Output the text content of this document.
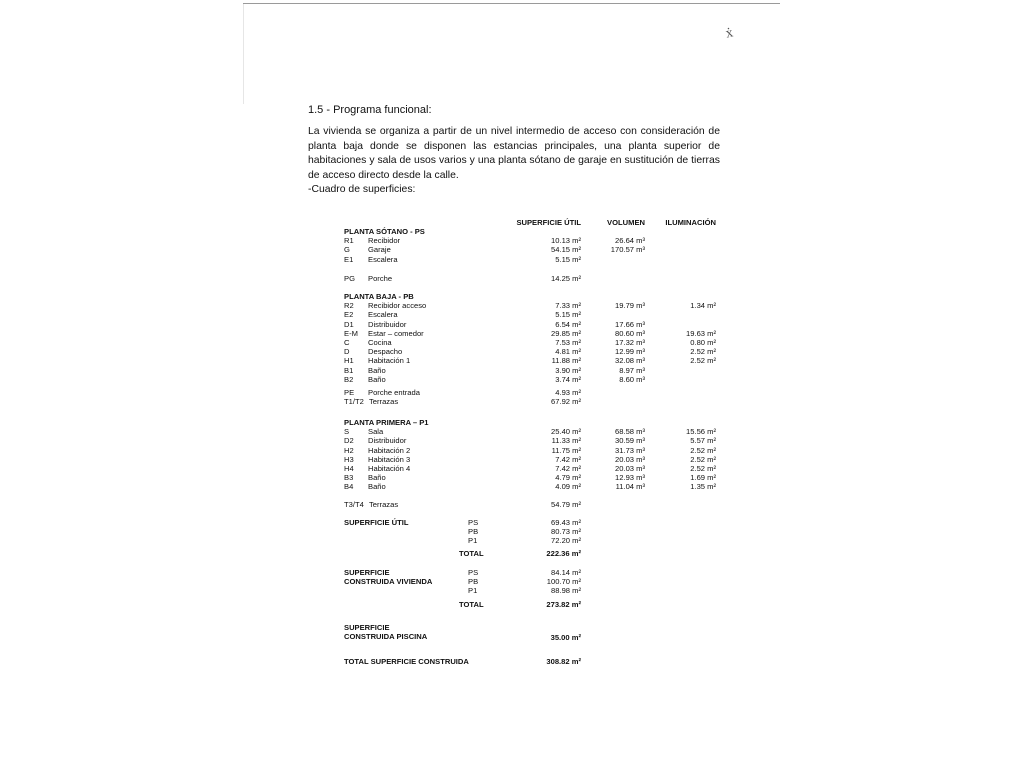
ẋ
1.5 - Programa funcional:
La vivienda se organiza a partir de un nivel intermedio de acceso con consideración de planta baja donde se disponen las estancias principales, una planta superior de habitaciones y sala de usos varios y una planta sótano de garaje en sustitución de tierras de acceso directo desde la calle.
-Cuadro de superficies:
SUPERFICIE ÚTIL	VOLUMEN	ILUMINACIÓN
PLANTA SÓTANO - PS
R1 Recibidor	10.13 m²	26.64 m³
G Garaje	54.15 m²	170.57 m³
E1 Escalera	5.15 m²
PG Porche	14.25 m²
PLANTA BAJA - PB
R2 Recibidor acceso	7.33 m²	19.79 m³	1.34 m²
E2 Escalera	5.15 m²
D1 Distribuidor	6.54 m²	17.66 m³
E-M Estar – comedor	29.85 m²	80.60 m³	19.63 m²
C Cocina	7.53 m²	17.32 m³	0.80 m²
D Despacho	4.81 m²	12.99 m³	2.52 m²
H1 Habitación 1	11.88 m²	32.08 m³	2.52 m²
B1 Baño	3.90 m²	8.97 m³
B2 Baño	3.74 m²	8.60 m³
PE Porche entrada	4.93 m²
T1/T2 Terrazas	67.92 m²
PLANTA PRIMERA – P1
S Sala	25.40 m²	68.58 m³	15.56 m²
D2 Distribuidor	11.33 m²	30.59 m³	5.57 m²
H2 Habitación 2	11.75 m²	31.73 m³	2.52 m²
H3 Habitación 3	7.42 m²	20.03 m³	2.52 m²
H4 Habitación 4	7.42 m²	20.03 m³	2.52 m²
B3 Baño	4.79 m²	12.93 m³	1.69 m²
B4 Baño	4.09 m²	11.04 m³	1.35 m²
T3/T4 Terrazas	54.79 m²
SUPERFICIE ÚTIL	PS	69.43 m²
PB	80.73 m²
P1	72.20 m²
TOTAL	222.36 m²
SUPERFICIE
CONSTRUIDA VIVIENDA
PS	84.14 m²
PB	100.70 m²
P1	88.98 m²
TOTAL	273.82 m²
SUPERFICIE
CONSTRUIDA PISCINA	35.00 m²
TOTAL SUPERFICIE CONSTRUIDA	308.82 m²
